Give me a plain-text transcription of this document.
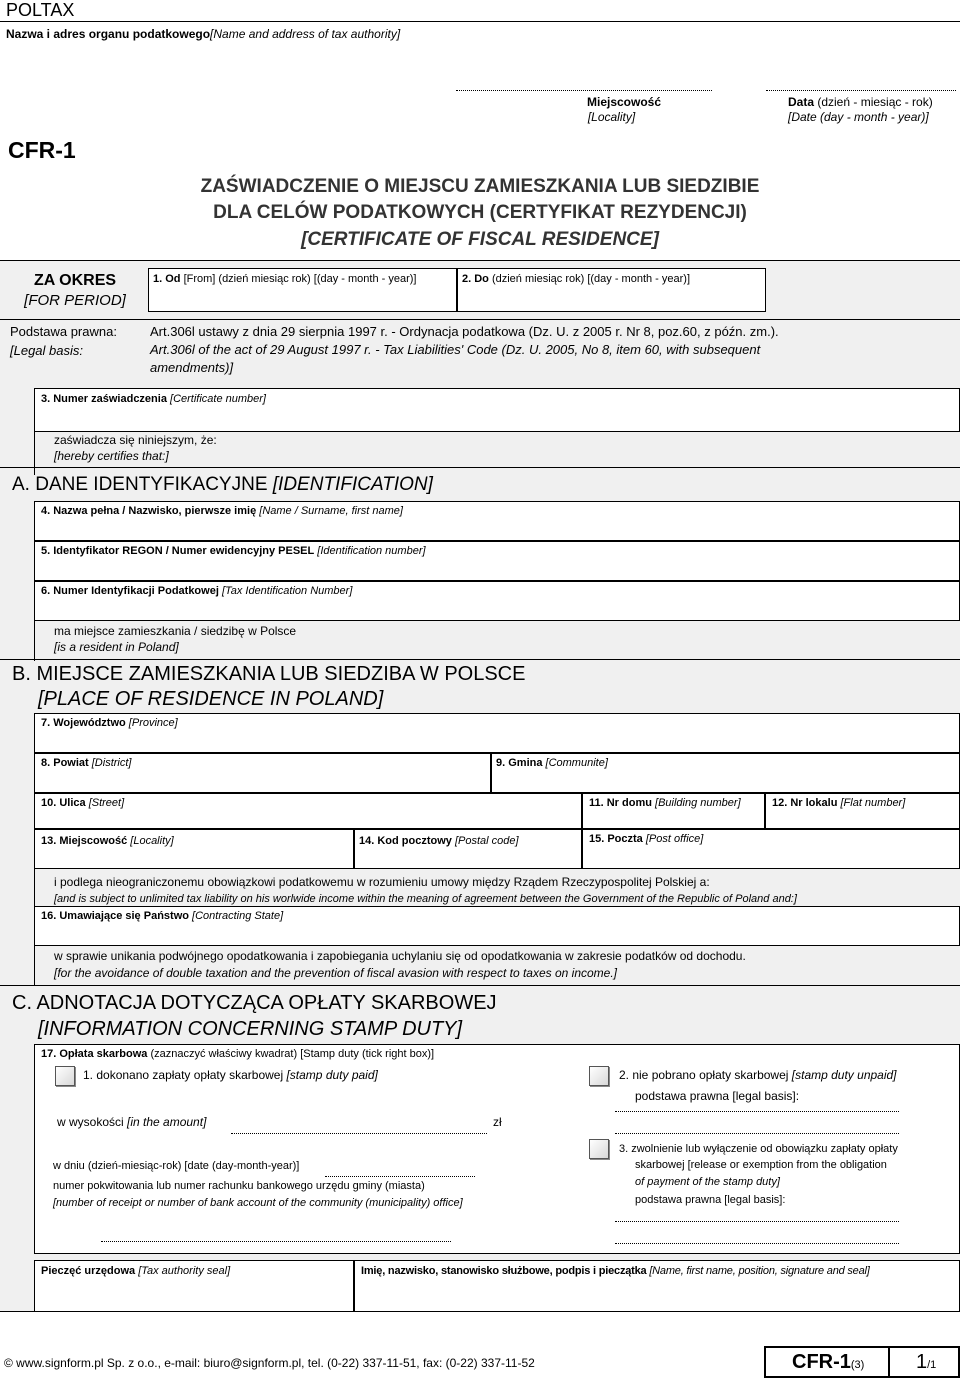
POLTAX
Nazwa i adres organu podatkowego[Name and address of tax authority]
Miejscowość
[Locality]
Data (dzień - miesiąc - rok)
[Date (day - month - year)]
CFR-1
ZAŚWIADCZENIE O MIEJSCU ZAMIESZKANIA LUB SIEDZIBIE
DLA CELÓW PODATKOWYCH (CERTYFIKAT REZYDENCJI)
[CERTIFICATE OF FISCAL RESIDENCE]
ZA OKRES
[FOR PERIOD]
1. Od [From] (dzień miesiąc rok) [(day - month - year)]	2. Do (dzień miesiąc rok) [(day - month - year)]
Podstawa prawna:
[Legal basis:
Art.306l ustawy z dnia 29 sierpnia 1997 r. - Ordynacja podatkowa (Dz. U. z 2005 r. Nr 8, poz.60, z późn. zm.).
Art.306l of the act of 29 August 1997 r. - Tax Liabilities' Code (Dz. U. 2005, No 8, item 60, with subsequent
amendments)]
3. Numer zaświadczenia [Certificate number]
zaświadcza się niniejszym, że:
[hereby certifies that:]
A. DANE IDENTYFIKACYJNE [IDENTIFICATION]
4. Nazwa pełna / Nazwisko, pierwsze imię [Name / Surname, first name]
5. Identyfikator REGON / Numer ewidencyjny PESEL [Identification number]
6. Numer Identyfikacji Podatkowej [Tax Identification Number]
ma miejsce zamieszkania / siedzibę w Polsce
[is a resident in Poland]
B. MIEJSCE ZAMIESZKANIA LUB SIEDZIBA W POLSCE
[PLACE OF RESIDENCE IN POLAND]
7. Województwo [Province]
8. Powiat [District]	9. Gmina [Communite]
10. Ulica [Street]	11. Nr domu [Building number]	12. Nr lokalu [Flat number]
13. Miejscowość [Locality]	14. Kod pocztowy [Postal code]	15. Poczta [Post office]
i podlega nieograniczonemu obowiązkowi podatkowemu w rozumieniu umowy między Rządem Rzeczypospolitej Polskiej a:
[and is subject to unlimited tax liability on his worlwide income within the meaning of agreement between the Government of the Republic of Poland and:]
16. Umawiające się Państwo [Contracting State]
w sprawie unikania podwójnego opodatkowania i zapobiegania uchylaniu się od opodatkowania w zakresie podatków od dochodu.
[for the avoidance of double taxation and the prevention of fiscal avasion with respect to taxes on income.]
C. ADNOTACJA DOTYCZĄCA OPŁATY SKARBOWEJ
[INFORMATION CONCERNING STAMP DUTY]
17. Opłata skarbowa (zaznaczyć właściwy kwadrat) [Stamp duty (tick right box)]
1. dokonano zapłaty opłaty skarbowej [stamp duty paid]	2. nie pobrano opłaty skarbowej [stamp duty unpaid]
podstawa prawna [legal basis]:
w wysokości [in the amount]	zł
3. zwolnienie lub wyłączenie od obowiązku zapłaty opłaty
skarbowej [release or exemption from the obligation
of payment of the stamp duty]
podstawa prawna [legal basis]:
w dniu (dzień-miesiąc-rok) [date (day-month-year)]
numer pokwitowania lub numer rachunku bankowego urzędu gminy (miasta)
[number of receipt or number of bank account of the community (municipality) office]
Pieczęć urzędowa [Tax authority seal]	Imię, nazwisko, stanowisko służbowe, podpis i pieczątka [Name, first name, position, signature and seal]
© www.signform.pl Sp. z o.o., e-mail: biuro@signform.pl, tel. (0-22) 337-11-51, fax: (0-22) 337-11-52	CFR-1(3)	1/1
